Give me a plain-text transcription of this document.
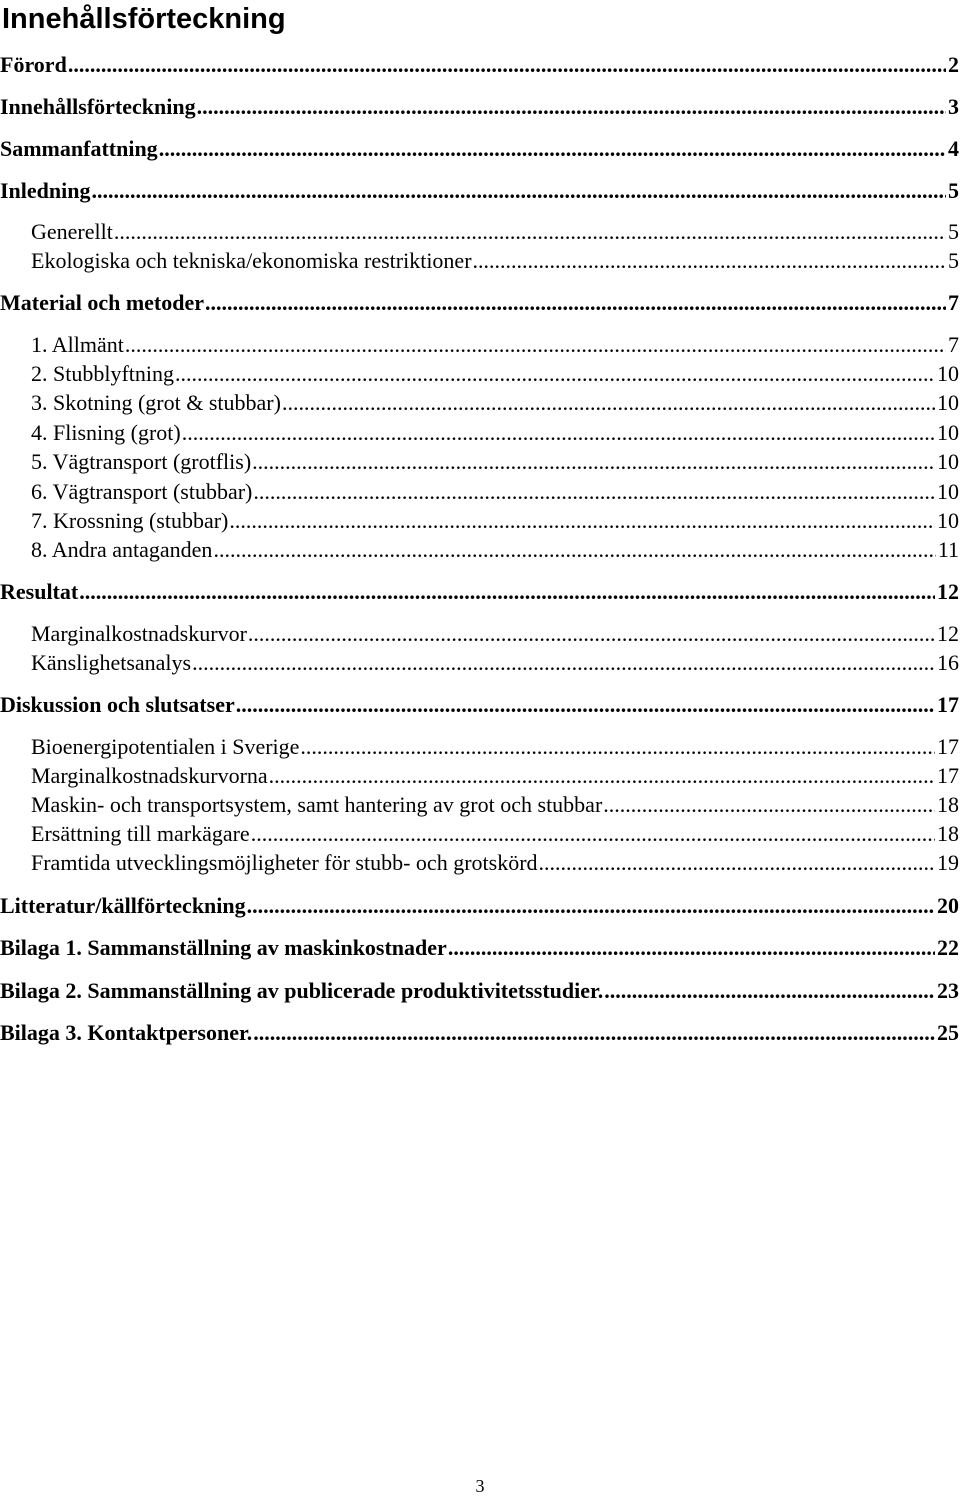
Innehållsförteckning
Förord .....	2
Innehållsförteckning .....	3
Sammanfattning .....	4
Inledning .....	5
Generellt .....	5
Ekologiska och tekniska/ekonomiska restriktioner .....	5
Material och metoder .....	7
1. Allmänt .....	7
2. Stubblyftning .....	10
3. Skotning (grot & stubbar) .....	10
4. Flisning (grot) .....	10
5. Vägtransport (grotflis) .....	10
6. Vägtransport (stubbar) .....	10
7. Krossning (stubbar) .....	10
8. Andra antaganden .....	11
Resultat .....	12
Marginalkostnadskurvor .....	12
Känslighetsanalys .....	16
Diskussion och slutsatser .....	17
Bioenergipotentialen i Sverige .....	17
Marginalkostnadskurvorna .....	17
Maskin- och transportsystem, samt hantering av grot och stubbar .....	18
Ersättning till markägare .....	18
Framtida utvecklingsmöjligheter för stubb- och grotskörd .....	19
Litteratur/källförteckning .....	20
Bilaga 1. Sammanställning av maskinkostnader .....	22
Bilaga 2. Sammanställning av publicerade produktivitetsstudier. .....	23
Bilaga 3. Kontaktpersoner. .....	25
3
